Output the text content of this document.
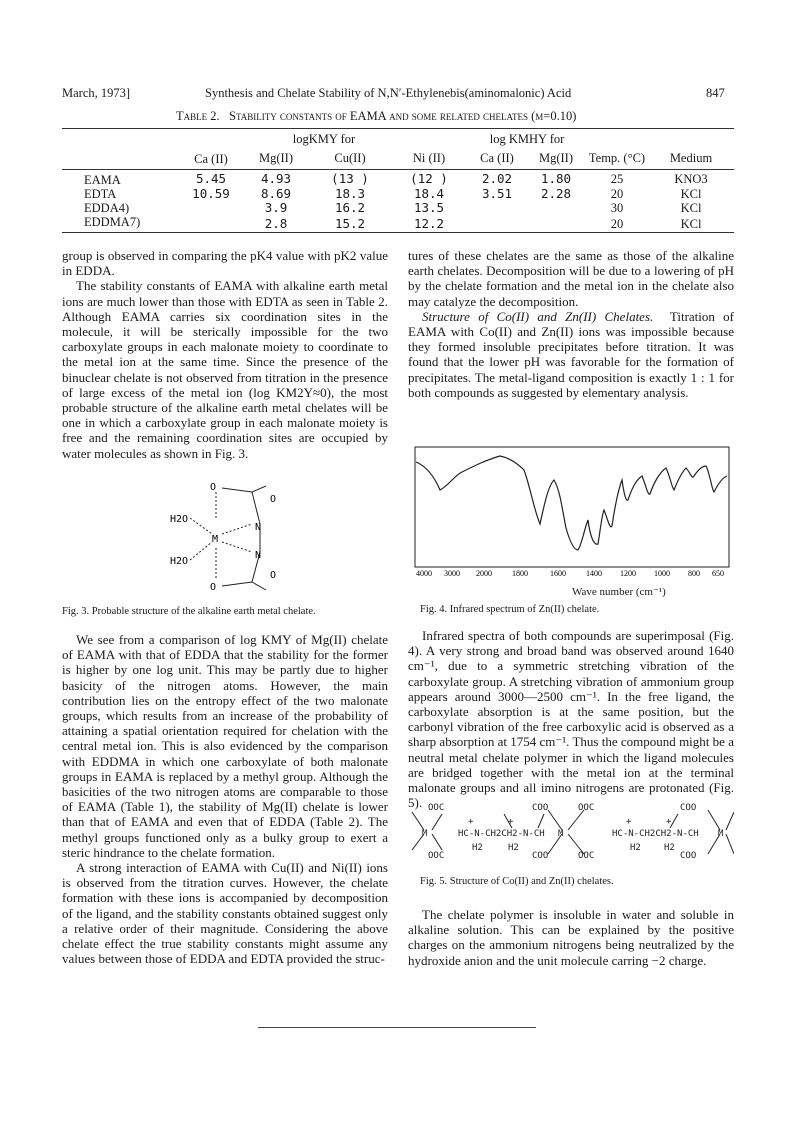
March, 1973]	Synthesis and Chelate Stability of N,N′-Ethylenebis(aminomalonic) Acid	847
Table 2. Stability constants of EAMA and some related chelates (μ=0.10)
	logKMY for				log KMHY for			
	Ca (II)	Mg(II)	Cu(II)	Ni (II)	Ca (II)	Mg(II)	Temp. (°C)	Medium
EAMA	5.45	4.93	(13 )	(12 )	2.02	1.80	25	KNO3
EDTA	10.59	8.69	18.3	18.4	3.51	2.28	20	KCl
EDDA4)		3.9	16.2	13.5			30	KCl
EDDMA7)		2.8	15.2	12.2			20	KCl

group is observed in comparing the pK4 value with pK2 value in EDDA.

The stability constants of EAMA with alkaline earth metal ions are much lower than those with EDTA as seen in Table 2. Although EAMA carries six coordination sites in the molecule, it will be sterically impossible for the two carboxylate groups in each malonate moiety to coordinate to the metal ion at the same time. Since the presence of the binuclear chelate is not observed from titration in the presence of large excess of the metal ion (log KM2Y≈0), the most probable structure of the alkaline earth metal chelates will be one in which a carboxylate group in each malonate moiety is free and the remaining coordination sites are occupied by water molecules as shown in Fig. 3.

O
O
H2O
N
M
N
H2O
O
O
Fig. 3. Probable structure of the alkaline earth metal chelate.

We see from a comparison of log KMY of Mg(II) chelate of EAMA with that of EDDA that the stability for the former is higher by one log unit. This may be partly due to higher basicity of the nitrogen atoms. However, the main contribution lies on the entropy effect of the two malonate groups, which results from an increase of the probability of attaining a spatial orientation required for chelation with the central metal ion. This is also evidenced by the comparison with EDDMA in which one carboxylate of both malonate groups in EAMA is replaced by a methyl group. Although the basicities of the two nitrogen atoms are comparable to those of EAMA (Table 1), the stability of Mg(II) chelate is lower than that of EAMA and even that of EDDA (Table 2). The methyl groups functioned only as a bulky group to exert a steric hindrance to the chelate formation.

A strong interaction of EAMA with Cu(II) and Ni(II) ions is observed from the titration curves. However, the chelate formation with these ions is accompanied by decomposition of the ligand, and the stability constants obtained suggest only a relative order of their magnitude. Considering the above chelate effect the true stability constants might assume any values between those of EDDA and EDTA provided the struc-

tures of these chelates are the same as those of the alkaline earth chelates. Decomposition will be due to a lowering of pH by the chelate formation and the metal ion in the chelate also may catalyze the decomposition.

Structure of Co(II) and Zn(II) Chelates. Titration of EAMA with Co(II) and Zn(II) ions was impossible because they formed insoluble precipitates before titration. It was found that the lower pH was favorable for the formation of precipitates. The metal-ligand composition is exactly 1 : 1 for both compounds as suggested by elementary analysis.

4000 3000 2000	1800	1600	1400 1200 1000 800 650
Wave number (cm⁻¹)
Fig. 4. Infrared spectrum of Zn(II) chelate.

Infrared spectra of both compounds are superimposal (Fig. 4). A very strong and broad band was observed around 1640 cm⁻¹, due to a symmetric stretching vibration of the carboxylate group. A stretching vibration of ammonium group appears around 3000—2500 cm⁻¹. In the free ligand, the carboxylate absorption is at the same position, but the carbonyl vibration of the free carboxylic acid is observed as a sharp absorption at 1754 cm⁻¹. Thus the compound might be a neutral metal chelate polymer in which the ligand molecules are bridged together with the metal ion at the terminal malonate groups and all imino nitrogens are protonated (Fig. 5). OOC	COO	OOC	COO
+	+	+	+
M	HC-N-CH2CH2-N-CH M	HC-N-CH2CH2-N-CH M
OOC
H2	H2
COO	OOC
H2	H2
COO
Fig. 5. Structure of Co(II) and Zn(II) chelates.

The chelate polymer is insoluble in water and soluble in alkaline solution. This can be explained by the positive charges on the ammonium nitrogens being neutralized by the hydroxide anion and the unit molecule carring −2 charge.
